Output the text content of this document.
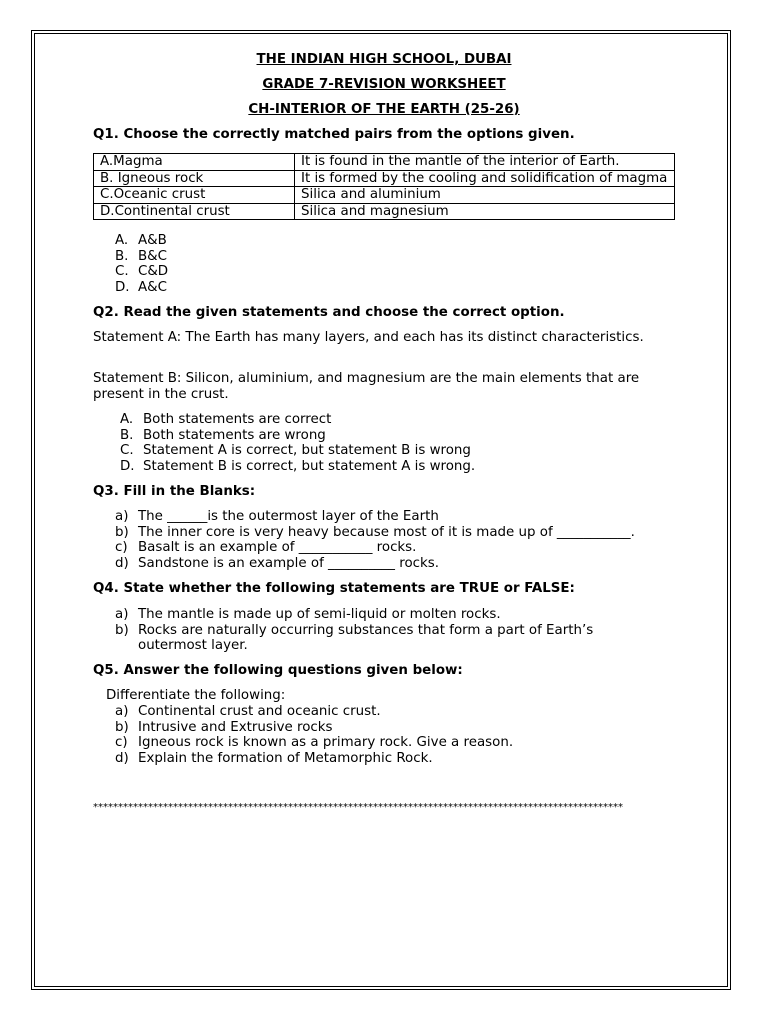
THE INDIAN HIGH SCHOOL, DUBAI
GRADE 7-REVISION WORKSHEET
CH-INTERIOR OF THE EARTH (25-26)
Q1. Choose the correctly matched pairs from the options given.
A.Magma	It is found in the mantle of the interior of Earth.
B. Igneous rock	It is formed by the cooling and solidification of magma
C.Oceanic crust	Silica and aluminium
D.Continental crust	Silica and magnesium
A. A&B
B. B&C
C. C&D
D. A&C
Q2. Read the given statements and choose the correct option.
Statement A: The Earth has many layers, and each has its distinct characteristics.
Statement B: Silicon, aluminium, and magnesium are the main elements that are present in the crust.
A. Both statements are correct
B. Both statements are wrong
C. Statement A is correct, but statement B is wrong
D. Statement B is correct, but statement A is wrong.
Q3. Fill in the Blanks:
a) The ______is the outermost layer of the Earth
b) The inner core is very heavy because most of it is made up of ___________.
c) Basalt is an example of ___________ rocks.
d) Sandstone is an example of __________ rocks.
Q4. State whether the following statements are TRUE or FALSE:
a) The mantle is made up of semi-liquid or molten rocks.
b) Rocks are naturally occurring substances that form a part of Earth’s outermost layer.
Q5. Answer the following questions given below:
Differentiate the following:
a) Continental crust and oceanic crust.
b) Intrusive and Extrusive rocks
c) Igneous rock is known as a primary rock. Give a reason.
d) Explain the formation of Metamorphic Rock.
**********************************************************************************************************
